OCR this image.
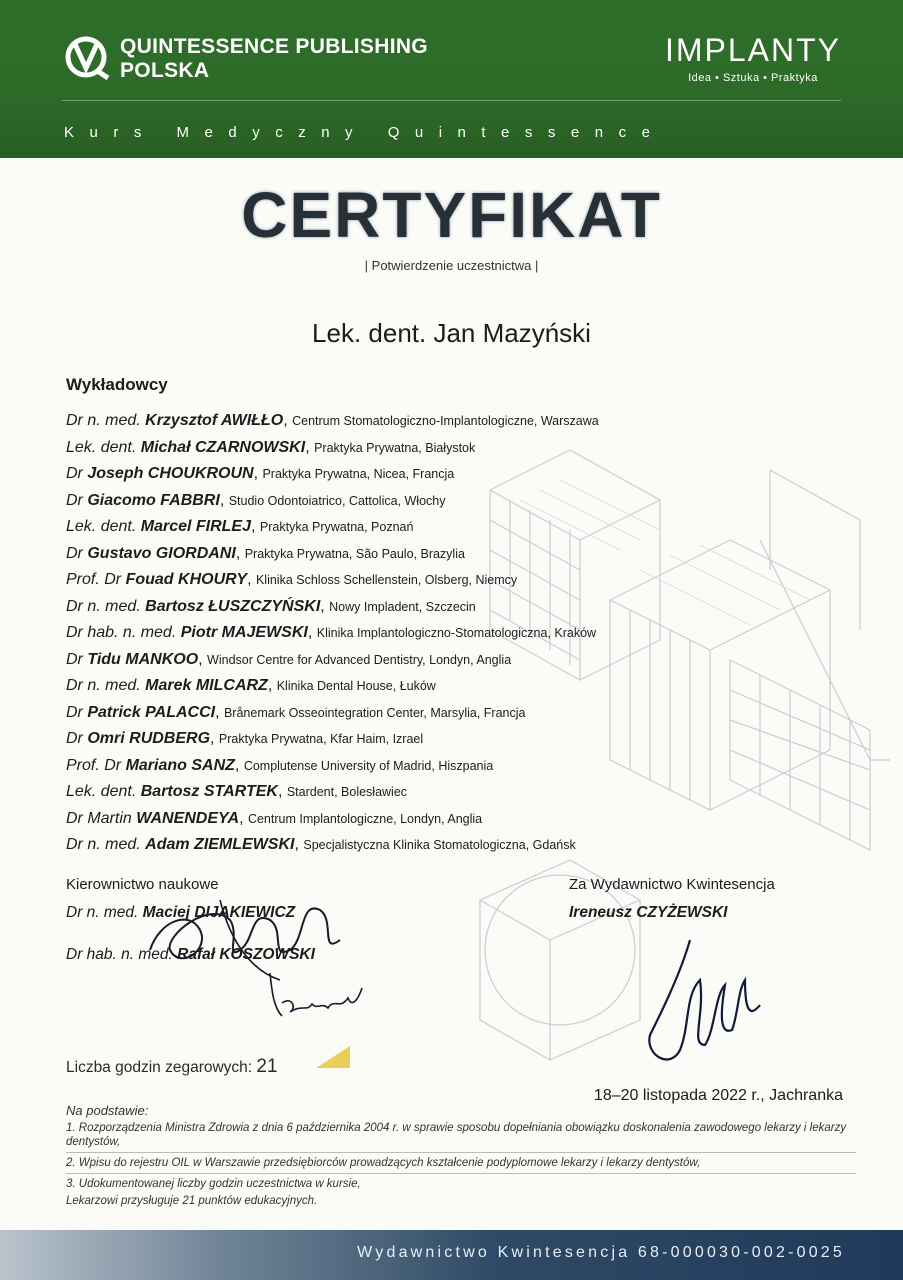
QUINTESSENCE PUBLISHING
POLSKA
IMPLANTY
Idea • Sztuka • Praktyka
Kurs Medyczny Quintessence
CERTYFIKAT
| Potwierdzenie uczestnictwa |
Lek. dent. Jan Mazyński
Wykładowcy
Dr n. med. Krzysztof AWIŁŁO, Centrum Stomatologiczno-Implantologiczne, Warszawa
Lek. dent. Michał CZARNOWSKI, Praktyka Prywatna, Białystok
Dr Joseph CHOUKROUN, Praktyka Prywatna, Nicea, Francja
Dr Giacomo FABBRI, Studio Odontoiatrico, Cattolica, Włochy
Lek. dent. Marcel FIRLEJ, Praktyka Prywatna, Poznań
Dr Gustavo GIORDANI, Praktyka Prywatna, São Paulo, Brazylia
Prof. Dr Fouad KHOURY, Klinika Schloss Schellenstein, Olsberg, Niemcy
Dr n. med. Bartosz ŁUSZCZYŃSKI, Nowy Impladent, Szczecin
Dr hab. n. med. Piotr MAJEWSKI, Klinika Implantologiczno-Stomatologiczna, Kraków
Dr Tidu MANKOO, Windsor Centre for Advanced Dentistry, Londyn, Anglia
Dr n. med. Marek MILCARZ, Klinika Dental House, Łuków
Dr Patrick PALACCI, Brånemark Osseointegration Center, Marsylia, Francja
Dr Omri RUDBERG, Praktyka Prywatna, Kfar Haim, Izrael
Prof. Dr Mariano SANZ, Complutense University of Madrid, Hiszpania
Lek. dent. Bartosz STARTEK, Stardent, Bolesławiec
Dr Martin WANENDEYA, Centrum Implantologiczne, Londyn, Anglia
Dr n. med. Adam ZIEMLEWSKI, Specjalistyczna Klinika Stomatologiczna, Gdańsk
Kierownictwo naukowe
Dr n. med. Maciej DIJAKIEWICZ
Dr hab. n. med. Rafał KOSZOWSKI
Za Wydawnictwo Kwintesencja
Ireneusz CZYŻEWSKI
Liczba godzin zegarowych: 21
18–20 listopada 2022 r., Jachranka
Na podstawie:
1. Rozporządzenia Ministra Zdrowia z dnia 6 października 2004 r. w sprawie sposobu dopełniania obowiązku doskonalenia zawodowego lekarzy i lekarzy dentystów,
2. Wpisu do rejestru OIL w Warszawie przedsiębiorców prowadzących kształcenie podyplomowe lekarzy i lekarzy dentystów,
3. Udokumentowanej liczby godzin uczestnictwa w kursie,
Lekarzowi przysługuje 21 punktów edukacyjnych.
Wydawnictwo Kwintesencja 68-000030-002-0025
